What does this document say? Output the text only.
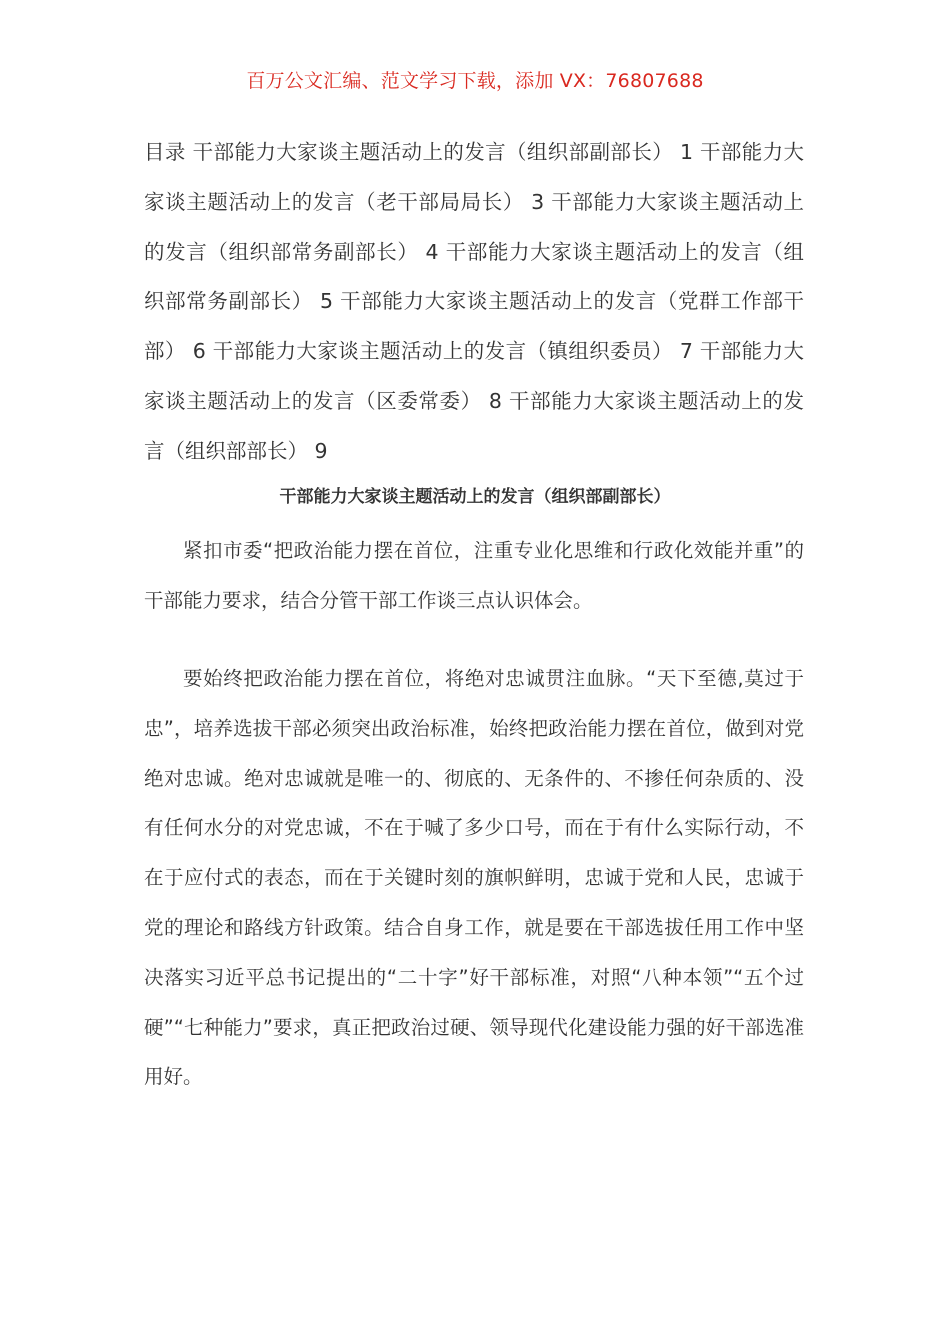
百万公文汇编、范文学习下载，添加 VX：76807688
目录 干部能力大家谈主题活动上的发言（组织部副部长） 1 干部能力大家谈主题活动上的发言（老干部局局长） 3 干部能力大家谈主题活动上的发言（组织部常务副部长） 4 干部能力大家谈主题活动上的发言（组织部常务副部长） 5 干部能力大家谈主题活动上的发言（党群工作部干部） 6 干部能力大家谈主题活动上的发言（镇组织委员） 7 干部能力大家谈主题活动上的发言（区委常委） 8 干部能力大家谈主题活动上的发言（组织部部长） 9
干部能力大家谈主题活动上的发言（组织部副部长）

紧扣市委“把政治能力摆在首位，注重专业化思维和行政化效能并重”的干部能力要求，结合分管干部工作谈三点认识体会。

要始终把政治能力摆在首位，将绝对忠诚贯注血脉。“天下至德,莫过于忠”，培养选拔干部必须突出政治标准，始终把政治能力摆在首位，做到对党绝对忠诚。绝对忠诚就是唯一的、彻底的、无条件的、不掺任何杂质的、没有任何水分的对党忠诚，不在于喊了多少口号，而在于有什么实际行动，不在于应付式的表态，而在于关键时刻的旗帜鲜明，忠诚于党和人民，忠诚于党的理论和路线方针政策。结合自身工作，就是要在干部选拔任用工作中坚决落实习近平总书记提出的“二十字”好干部标准，对照“八种本领”“五个过硬”“七种能力”要求，真正把政治过硬、领导现代化建设能力强的好干部选准用好。
